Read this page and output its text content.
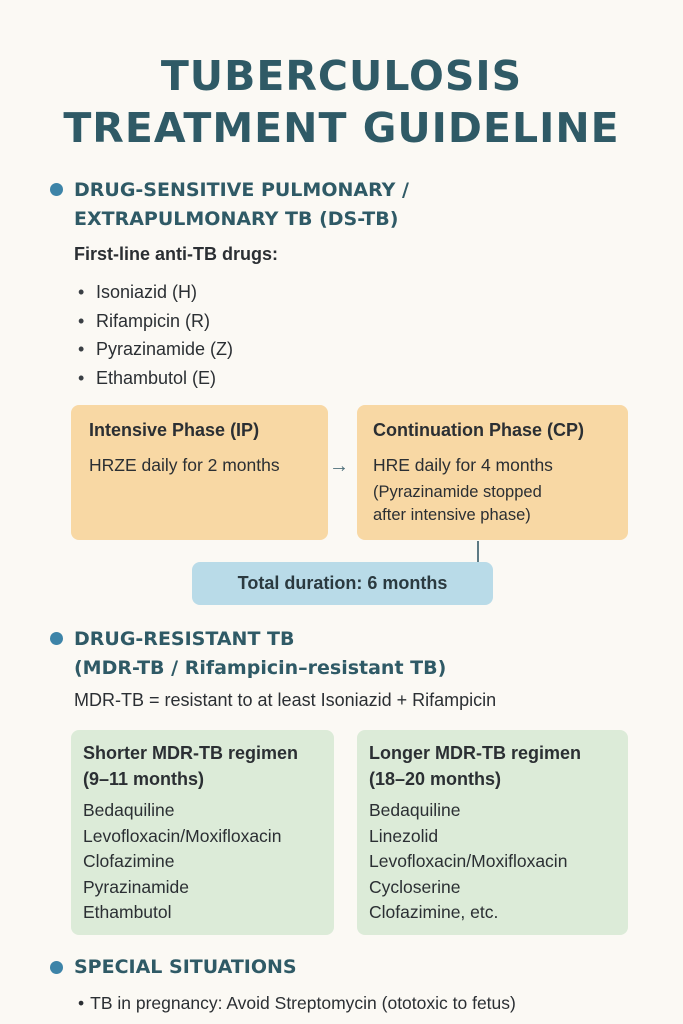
TUBERCULOSIS
TREATMENT GUIDELINE
DRUG-SENSITIVE PULMONARY /
EXTRAPULMONARY TB (DS-TB)
First-line anti-TB drugs:
• Isoniazid (H)
• Rifampicin (R)
• Pyrazinamide (Z)
• Ethambutol (E)
Intensive Phase (IP)
HRZE daily for 2 months →
Continuation Phase (CP)
HRE daily for 4 months
(Pyrazinamide stopped
after intensive phase)
Total duration: 6 months
DRUG-RESISTANT TB
(MDR-TB / Rifampicin–resistant TB)
MDR-TB = resistant to at least Isoniazid + Rifampicin
Shorter MDR-TB regimen
(9–11 months)
Bedaquiline
Levofloxacin/Moxifloxacin
Clofazimine
Pyrazinamide
Ethambutol
Longer MDR-TB regimen
(18–20 months)
Bedaquiline
Linezolid
Levofloxacin/Moxifloxacin
Cycloserine
Clofazimine, etc.
SPECIAL SITUATIONS
• TB in pregnancy: Avoid Streptomycin (ototoxic to fetus)
